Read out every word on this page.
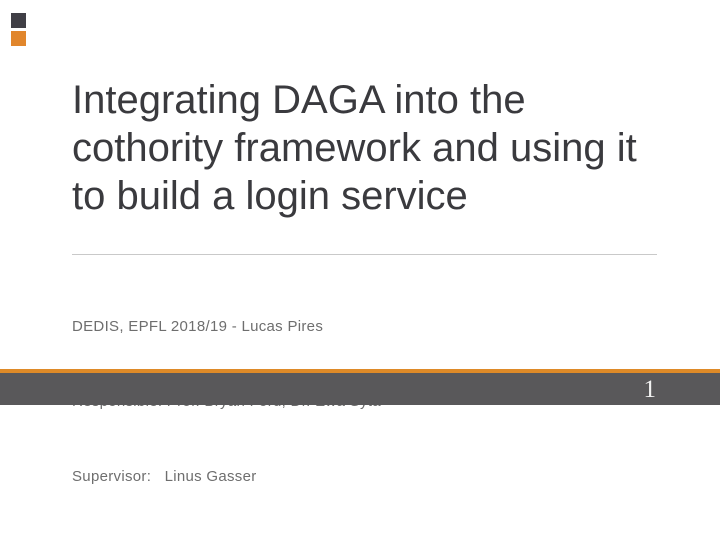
Integrating DAGA into the cothority framework and using it to build a login service

DEDIS, EPFL 2018/19 - Lucas Pires

Supervisor:   Linus Gasser

1
